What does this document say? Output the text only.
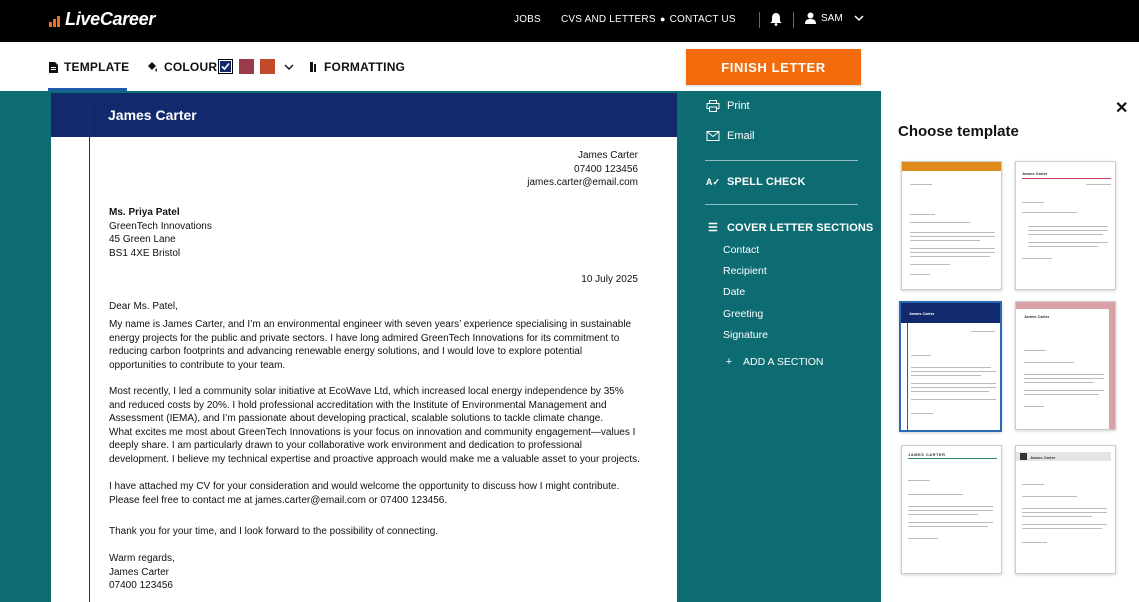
LiveCareer	JOBS CVS AND LETTERS ● CONTACT US	SAM
TEMPLATE	COLOUR	FORMATTING	FINISH LETTER
James Carter
James Carter
07400 123456
james.carter@email.com
Ms. Priya Patel
GreenTech Innovations
45 Green Lane
BS1 4XE Bristol
10 July 2025
Dear Ms. Patel,
My name is James Carter, and I’m an environmental engineer with seven years’ experience specialising in sustainable
energy projects for the public and private sectors. I have long admired GreenTech Innovations for its commitment to
reducing carbon footprints and advancing renewable energy solutions, and I would love to explore potential
opportunities to contribute to your team.
Most recently, I led a community solar initiative at EcoWave Ltd, which increased local energy independence by 35%
and reduced costs by 20%. I hold professional accreditation with the Institute of Environmental Management and
Assessment (IEMA), and I’m passionate about developing practical, scalable solutions to tackle climate change.
What excites me most about GreenTech Innovations is your focus on innovation and community engagement—values I
deeply share. I am particularly drawn to your collaborative work environment and dedication to professional
development. I believe my technical expertise and proactive approach would make me a valuable asset to your projects.
I have attached my CV for your consideration and would welcome the opportunity to discuss how I might contribute.
Please feel free to contact me at james.carter@email.com or 07400 123456.
Thank you for your time, and I look forward to the possibility of connecting.
Warm regards,
James Carter
07400 123456
Print
Email
A✓ SPELL CHECK
☰ COVER LETTER SECTIONS
Contact
Recipient
Date
Greeting
Signature
+	ADD A SECTION
✕
Choose template
James Carter
James Carter
James Carter
JAMES CARTER
James Carter
